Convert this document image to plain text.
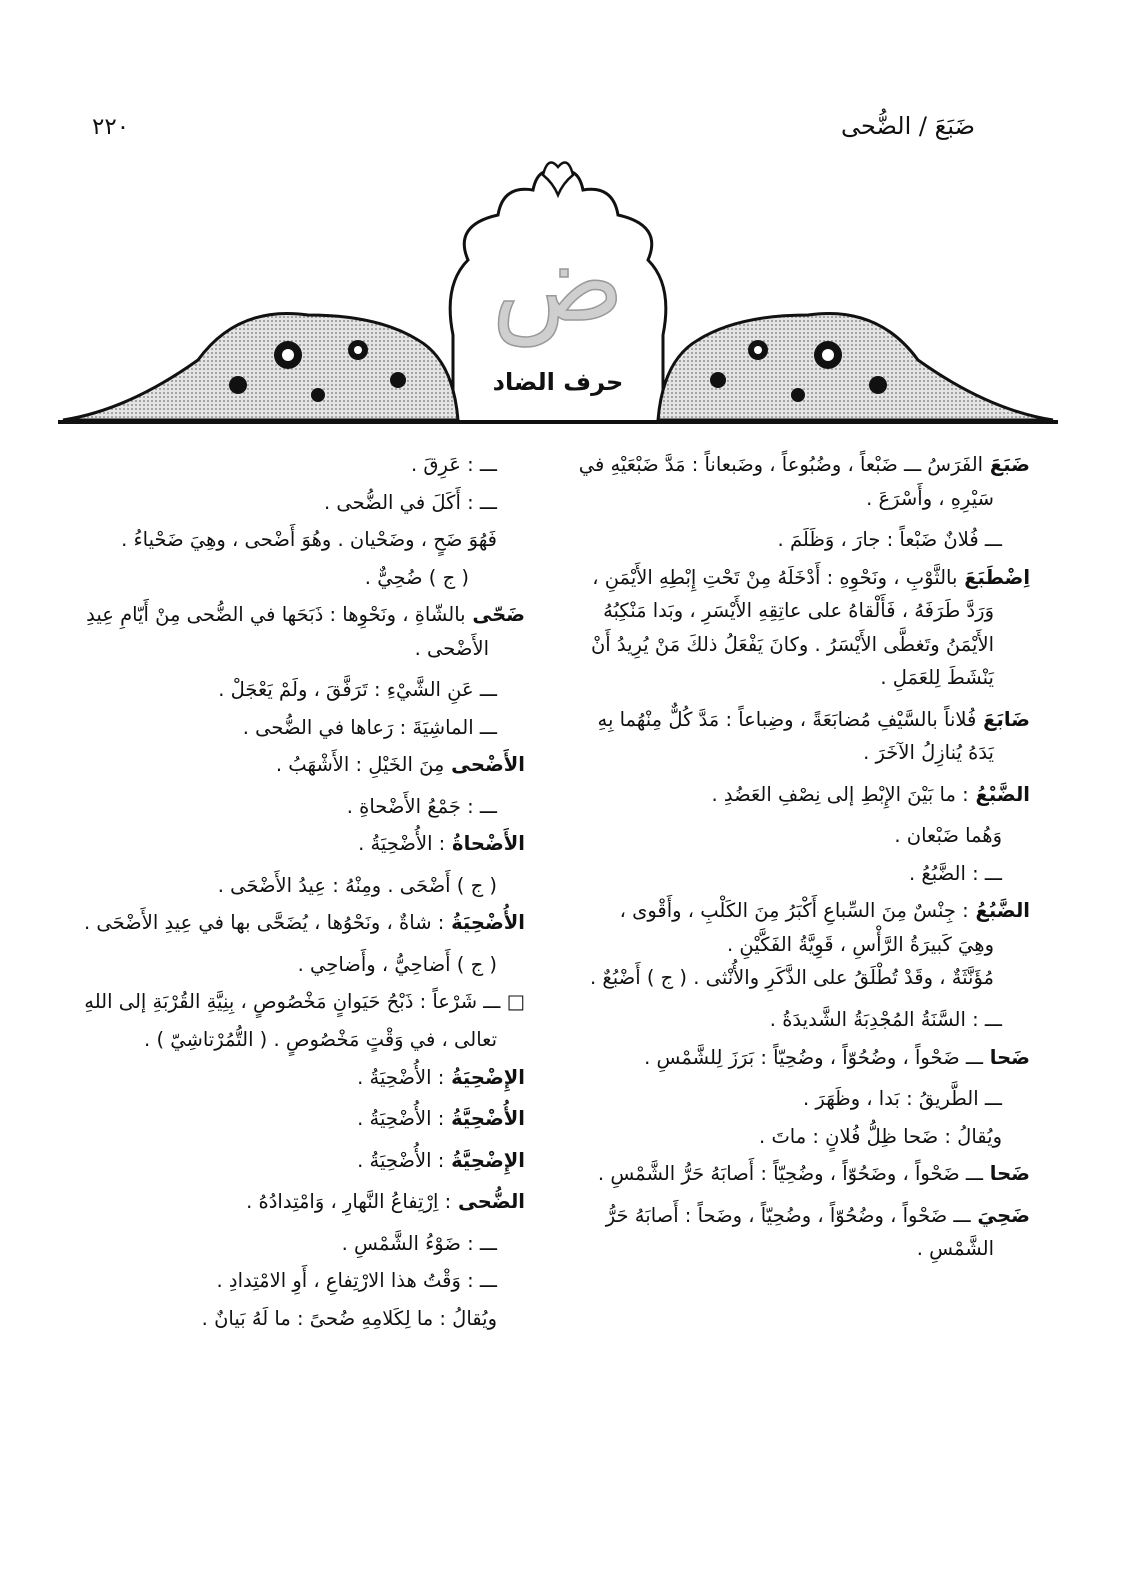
ضَبَعَ / الضُّحى
٢٢٠
ض
حرف الضاد

ضَبَعَ الفَرَسُ ـــ ضَبْعاً ، وضُبُوعاً ، وضَبعاناً : مَدَّ ضَبْعَيْهِ في

سَيْرِهِ ، وأَسْرَعَ .

ـــ فُلانٌ ضَبْعاً : جارَ ، وَظَلَمَ .

اِضْطَبَعَ بالثَّوْبِ ، ونَحْوِهِ : أَدْخَلَهُ مِنْ تَحْتِ إِبْطِهِ الأَيْمَنِ ،

وَرَدَّ طَرَفَهُ ، فَأَلْقاهُ على عاتِقِهِ الأَيْسَرِ ، وبَدا مَنْكِبُهُ

الأَيْمَنُ وتَغطَّى الأَيْسَرُ . وكانَ يَفْعَلُ ذلكَ مَنْ يُرِيدُ أَنْ

يَنْشَطَ لِلعَمَلِ .

ضَابَعَ فُلاناً بالسَّيْفِ مُضابَعَةً ، وضِباعاً : مَدَّ كُلٌّ مِنْهُما بِهِ

يَدَهُ يُنازِلُ الآخَرَ .

الضَّبْعُ : ما بَيْنَ الإِبْطِ إلى نِصْفِ العَضُدِ .

وَهُما ضَبْعان .

ـــ : الضَّبُعُ .

الضَّبُعُ : جِنْسٌ مِنَ السِّباعِ أَكْبَرُ مِنَ الكَلْبِ ، وأَقْوى ،

وهِيَ كَبيرَةُ الرَّأْسِ ، قَوِيَّةُ الفَكَّيْنِ .

مُؤَنَّثَةٌ ، وقَدْ تُطْلَقُ على الذَّكَرِ والأُنْثى . ( ج ) أَضْبُعٌ .

ـــ : السَّنَةُ المُجْدِبَةُ الشَّديدَةُ .

ضَحا ـــ ضَحْواً ، وضُحُوّاً ، وضُحِيّاً : بَرَزَ لِلشَّمْسِ .

ـــ الطَّريقُ : بَدا ، وظَهَرَ .

ويُقالُ : ضَحا ظِلُّ فُلانٍ : ماتَ .

ضَحا ـــ ضَحْواً ، وضَحُوّاً ، وضُحِيّاً : أَصابَهُ حَرُّ الشَّمْسِ .

ضَحِيَ ـــ ضَحْواً ، وضُحُوّاً ، وضُحِيّاً ، وضَحاً : أَصابَهُ حَرُّ

الشَّمْسِ .

ـــ : عَرِقَ .

ـــ : أَكَلَ في الضُّحى .

فَهُوَ ضَحٍ ، وضَحْيان . وهُوَ أَضْحى ، وهِيَ ضَحْياءُ .

( ج ) ضُحِيٌّ .

ضَحّى بالشّاةِ ، ونَحْوِها : ذَبَحَها في الضُّحى مِنْ أَيّامِ عِيدِ

الأَضْحى .

ـــ عَنِ الشَّيْءِ : تَرَفَّقَ ، ولَمْ يَعْجَلْ .

ـــ الماشِيَةَ : رَعاها في الضُّحى .

الأَضْحى مِنَ الخَيْلِ : الأَشْهَبُ .

ـــ : جَمْعُ الأَضْحاةِ .

الأَضْحاةُ : الأُضْحِيَةُ .

( ج ) أَضْحَى . ومِنْهُ : عِيدُ الأَضْحَى .

الأُضْحِيَةُ : شاةٌ ، ونَحْوُها ، يُضَحَّى بها في عِيدِ الأَضْحَى .

( ج ) أَضاحِيُّ ، وأَضاحِي .

□ ـــ شَرْعاً : ذَبْحُ حَيَوانٍ مَخْصُوصٍ ، بِنِيَّةِ القُرْبَةِ إلى اللهِ

تعالى ، في وَقْتٍ مَخْصُوصٍ . ( التُّمُرْتاشِيّ ) .

الإِضْحِيَةُ : الأُضْحِيَةُ .

الأُضْحِيَّةُ : الأُضْحِيَةُ .

الإِضْحِيَّةُ : الأُضْحِيَةُ .

الضُّحى : اِرْتِفاعُ النَّهارِ ، وَامْتِدادُهُ .

ـــ : ضَوْءُ الشَّمْسِ .

ـــ : وَقْتُ هذا الارْتِفاعِ ، أَوِ الامْتِدادِ .

ويُقالُ : ما لِكَلامِهِ ضُحىً : ما لَهُ بَيانٌ .
